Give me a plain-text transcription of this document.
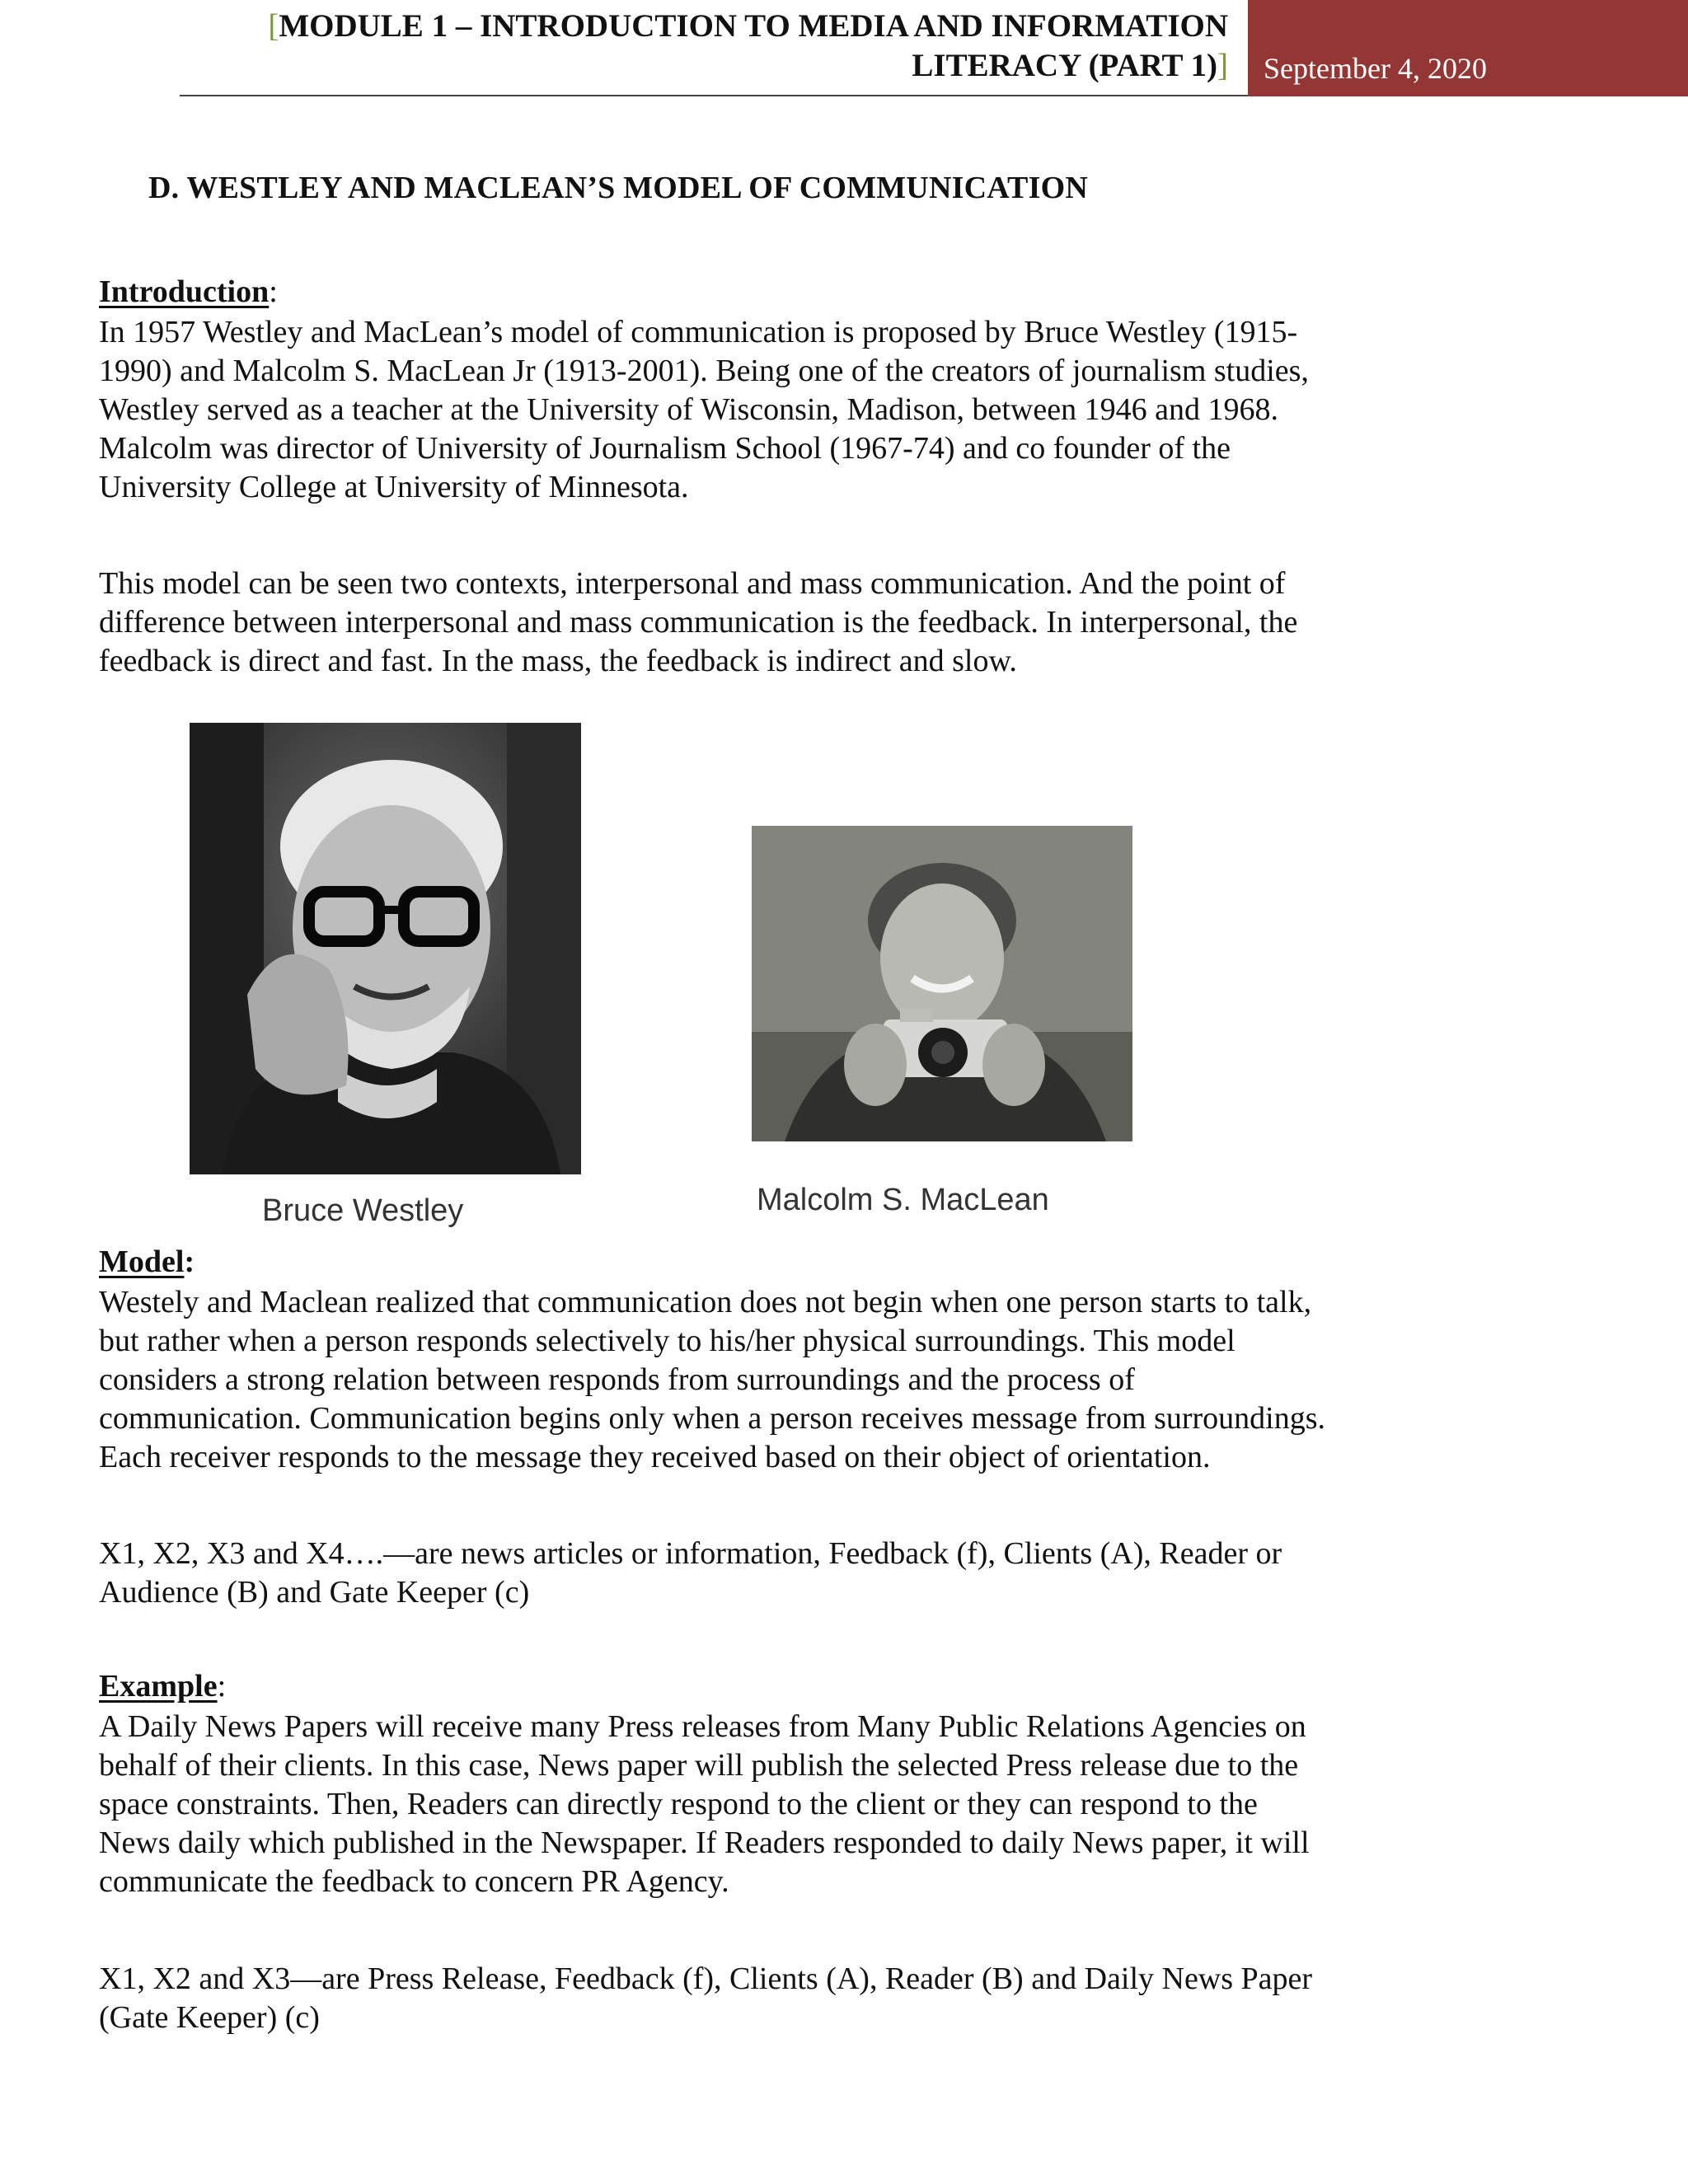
[MODULE 1 – INTRODUCTION TO MEDIA AND INFORMATION
LITERACY (PART 1)] September 4, 2020
D. WESTLEY AND MACLEAN’S MODEL OF COMMUNICATION
Introduction:
In 1957 Westley and MacLean’s model of communication is proposed by Bruce Westley (1915-
1990) and Malcolm S. MacLean Jr (1913-2001). Being one of the creators of journalism studies,
Westley served as a teacher at the University of Wisconsin, Madison, between 1946 and 1968.
Malcolm was director of University of Journalism School (1967-74) and co founder of the
University College at University of Minnesota.
This model can be seen two contexts, interpersonal and mass communication. And the point of
difference between interpersonal and mass communication is the feedback. In interpersonal, the
feedback is direct and fast. In the mass, the feedback is indirect and slow.
Bruce Westley	Malcolm S. MacLean
Model:
Westely and Maclean realized that communication does not begin when one person starts to talk,
but rather when a person responds selectively to his/her physical surroundings. This model
considers a strong relation between responds from surroundings and the process of
communication. Communication begins only when a person receives message from surroundings.
Each receiver responds to the message they received based on their object of orientation.
X1, X2, X3 and X4….—are news articles or information, Feedback (f), Clients (A), Reader or
Audience (B) and Gate Keeper (c)
Example:
A Daily News Papers will receive many Press releases from Many Public Relations Agencies on
behalf of their clients. In this case, News paper will publish the selected Press release due to the
space constraints. Then, Readers can directly respond to the client or they can respond to the
News daily which published in the Newspaper. If Readers responded to daily News paper, it will
communicate the feedback to concern PR Agency.
X1, X2 and X3—are Press Release, Feedback (f), Clients (A), Reader (B) and Daily News Paper
(Gate Keeper) (c)
